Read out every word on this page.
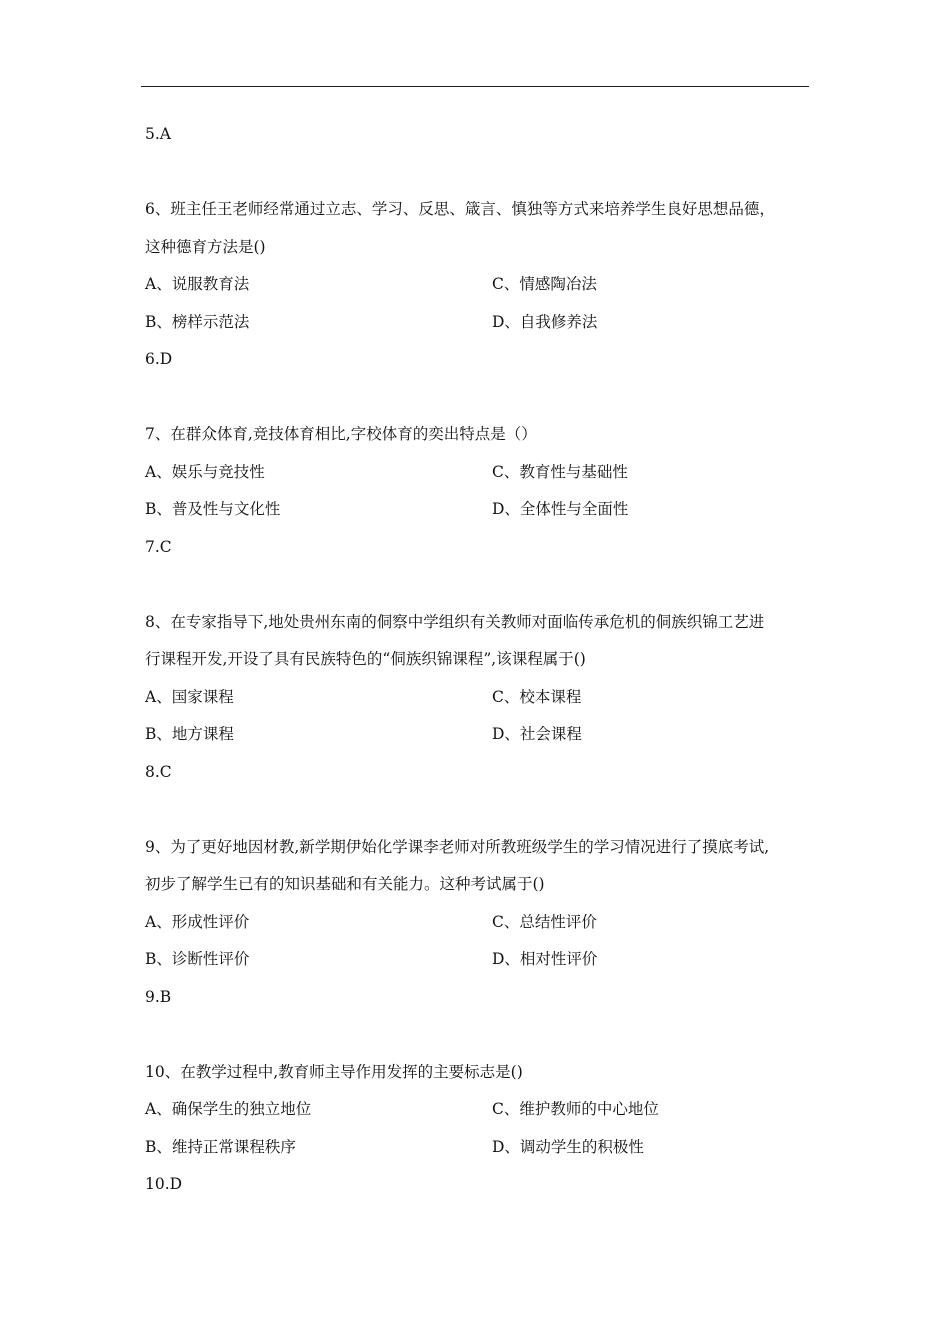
5.A
6、班主任王老师经常通过立志、学习、反思、箴言、慎独等方式来培养学生良好思想品德，
这种德育方法是()
A、说服教育法	C、情感陶冶法
B、榜样示范法	D、自我修养法
6.D
7、在群众体育,竞技体育相比,字校体育的奕出特点是（）
A、娱乐与竞技性	C、教育性与基础性
B、普及性与文化性	D、全体性与全面性
7.C
8、在专家指导下,地处贵州东南的侗察中学组织有关教师对面临传承危机的侗族织锦工艺进
行课程开发,开设了具有民族特色的“侗族织锦课程”,该课程属于()
A、国家课程	C、校本课程
B、地方课程	D、社会课程
8.C
9、为了更好地因材教,新学期伊始化学课李老师对所教班级学生的学习情况进行了摸底考试,
初步了解学生已有的知识基础和有关能力。这种考试属于()
A、形成性评价	C、总结性评价
B、诊断性评价	D、相对性评价
9.B
10、在教学过程中,教育师主导作用发挥的主要标志是()
A、确保学生的独立地位	C、维护教师的中心地位
B、维持正常课程秩序	D、调动学生的积极性
10.D
